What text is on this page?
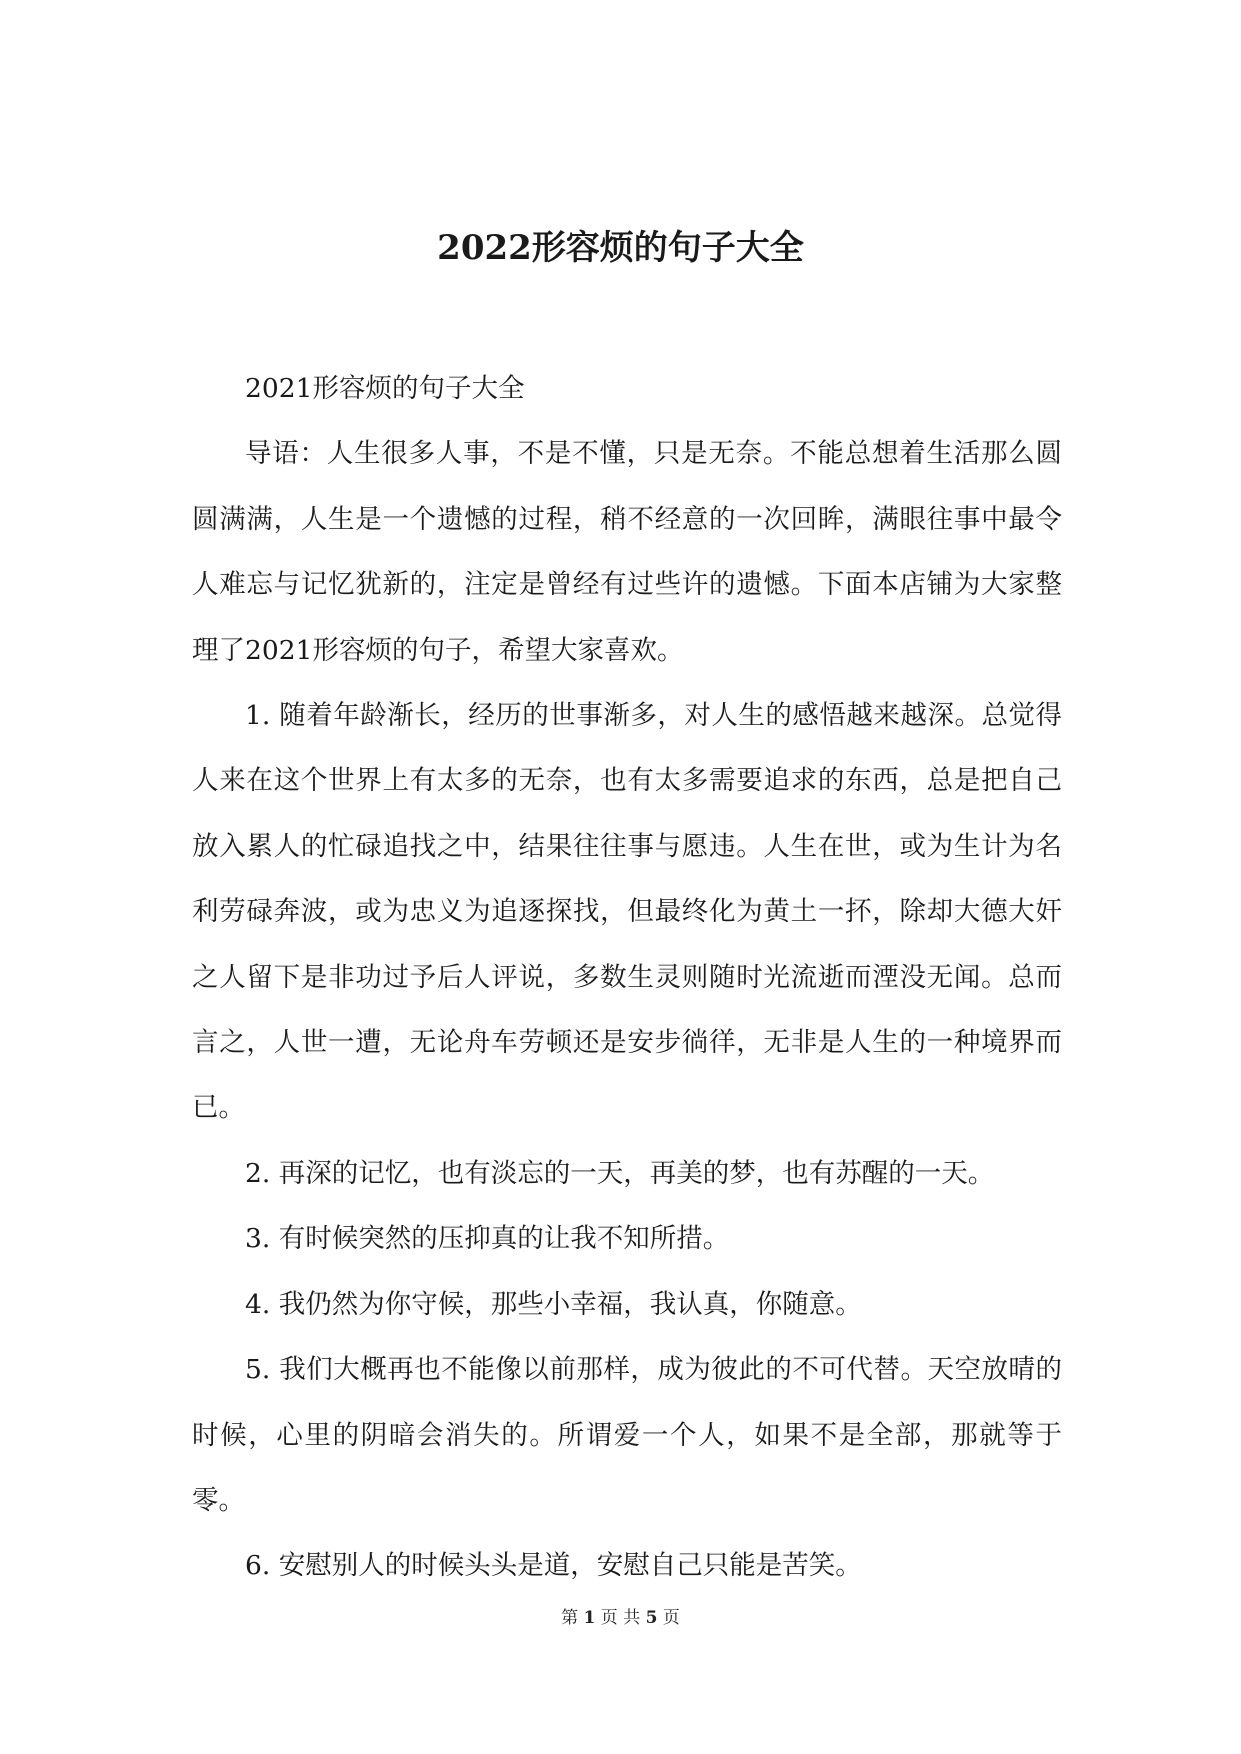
2022形容烦的句子大全

2021形容烦的句子大全

导语：人生很多人事，不是不懂，只是无奈。不能总想着生活那么圆圆满满，人生是一个遗憾的过程，稍不经意的一次回眸，满眼往事中最令人难忘与记忆犹新的，注定是曾经有过些许的遗憾。下面本店铺为大家整理了2021形容烦的句子，希望大家喜欢。

1. 随着年龄渐长，经历的世事渐多，对人生的感悟越来越深。总觉得人来在这个世界上有太多的无奈，也有太多需要追求的东西，总是把自己放入累人的忙碌追找之中，结果往往事与愿违。人生在世，或为生计为名利劳碌奔波，或为忠义为追逐探找，但最终化为黄土一抔，除却大德大奸之人留下是非功过予后人评说，多数生灵则随时光流逝而湮没无闻。总而言之，人世一遭，无论舟车劳顿还是安步徜徉，无非是人生的一种境界而已。

2. 再深的记忆，也有淡忘的一天，再美的梦，也有苏醒的一天。

3. 有时候突然的压抑真的让我不知所措。

4. 我仍然为你守候，那些小幸福，我认真，你随意。

5. 我们大概再也不能像以前那样，成为彼此的不可代替。天空放晴的时候，心里的阴暗会消失的。所谓爱一个人，如果不是全部，那就等于零。

6. 安慰别人的时候头头是道，安慰自己只能是苦笑。

第 1 页 共 5 页
